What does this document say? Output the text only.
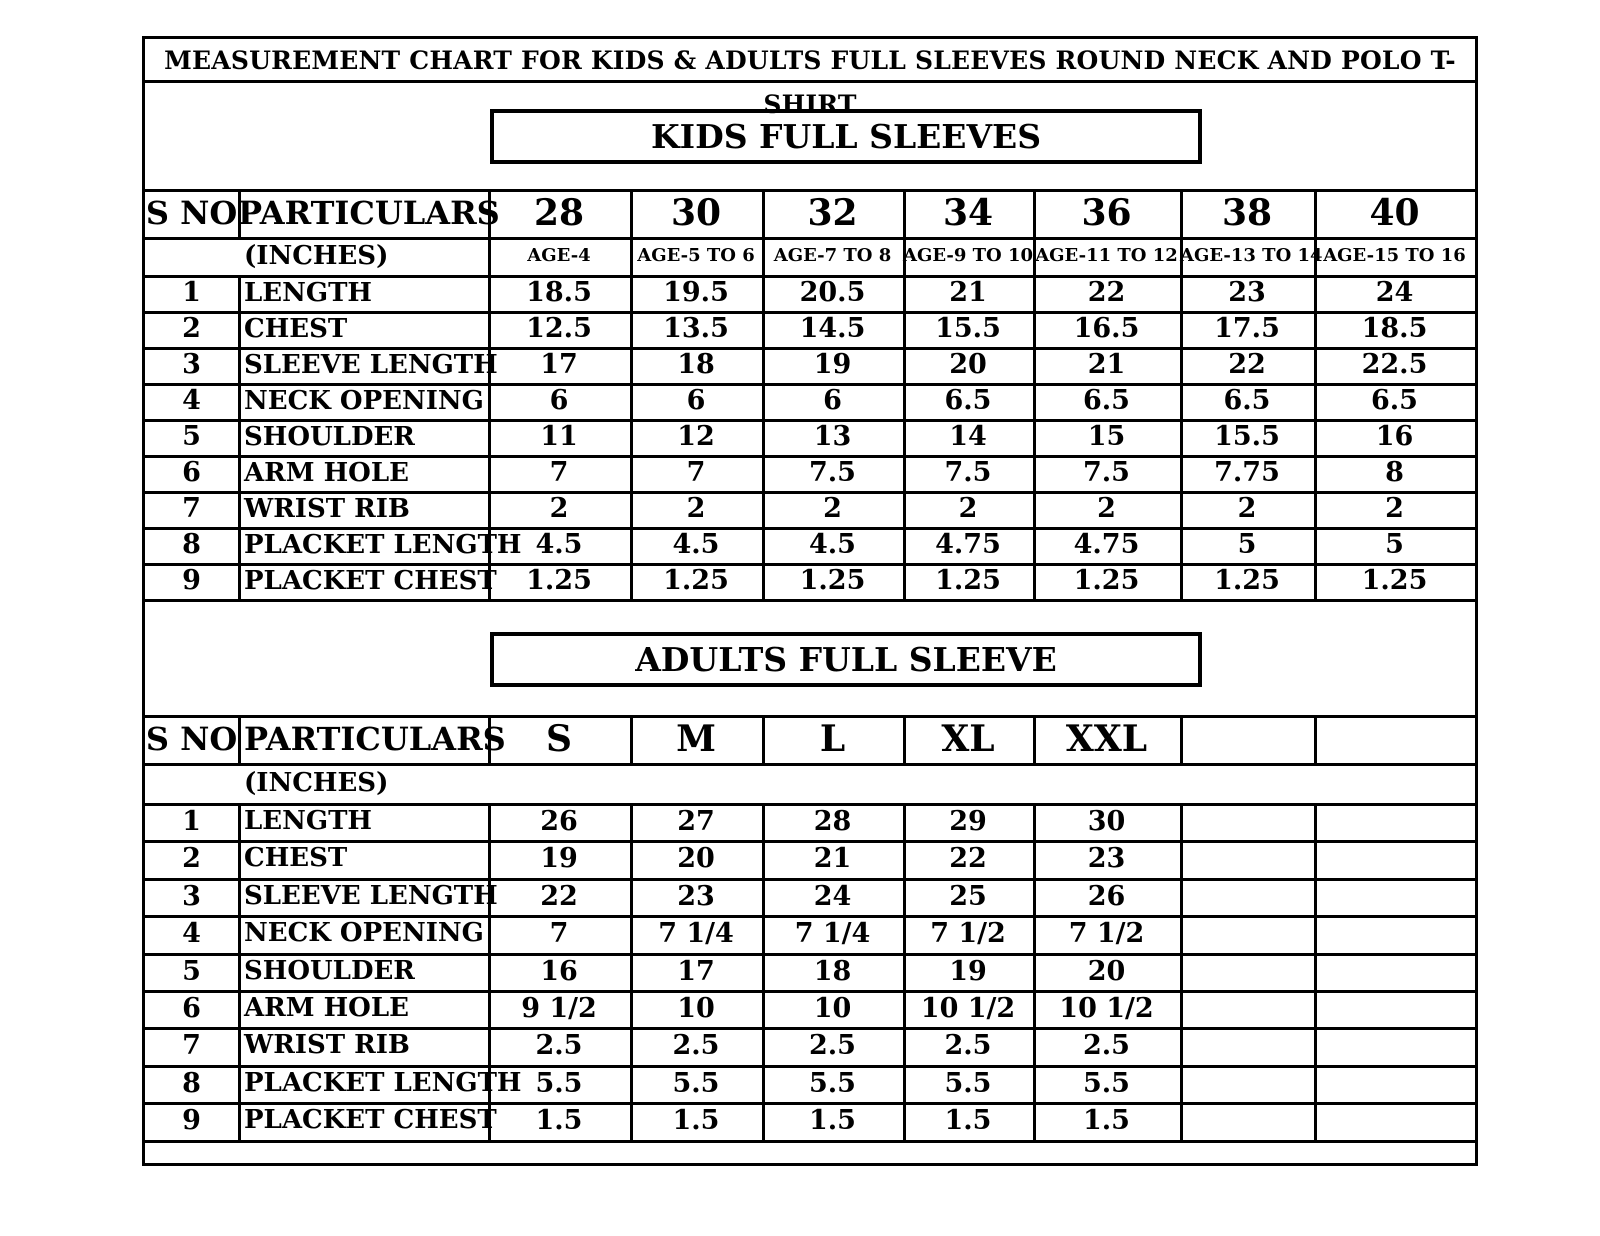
MEASUREMENT CHART FOR KIDS & ADULTS FULL SLEEVES ROUND NECK AND POLO T-SHIRT
KIDS FULL SLEEVES
ADULTS FULL SLEEVE
S NO PARTICULARS 28	30	32	34	36	38	40
(INCHES)	AGE-4	AGE-5 TO 6	AGE-7 TO 8 AGE-9 TO 10 AGE-11 TO 12 AGE-13 TO 14 AGE-15 TO 16
1	LENGTH	18.5	19.5	20.5	21	22	23	24
2	CHEST	12.5	13.5	14.5	15.5	16.5	17.5	18.5
3	SLEEVE LENGTH	17	18	19	20	21	22	22.5
4	NECK OPENING	6	6	6	6.5	6.5	6.5	6.5
5	SHOULDER	11	12	13	14	15	15.5	16
6	ARM HOLE	7	7	7.5	7.5	7.5	7.75	8
7	WRIST RIB	2	2	2	2	2	2	2
8	PLACKET LENGTH 4.5	4.5	4.5	4.75	4.75	5	5
9	PLACKET CHEST	1.25	1.25	1.25	1.25	1.25	1.25	1.25
S NO PARTICULARS	S	M	L	XL	XXL
(INCHES)
1	LENGTH	26	27	28	29	30
2	CHEST	19	20	21	22	23
3	SLEEVE LENGTH	22	23	24	25	26
4	NECK OPENING	7	7 1/4	7 1/4	7 1/2	7 1/2
5	SHOULDER	16	17	18	19	20
6	ARM HOLE	9 1/2	10	10	10 1/2	10 1/2
7	WRIST RIB	2.5	2.5	2.5	2.5	2.5
8	PLACKET LENGTH 5.5	5.5	5.5	5.5	5.5
9	PLACKET CHEST	1.5	1.5	1.5	1.5	1.5
